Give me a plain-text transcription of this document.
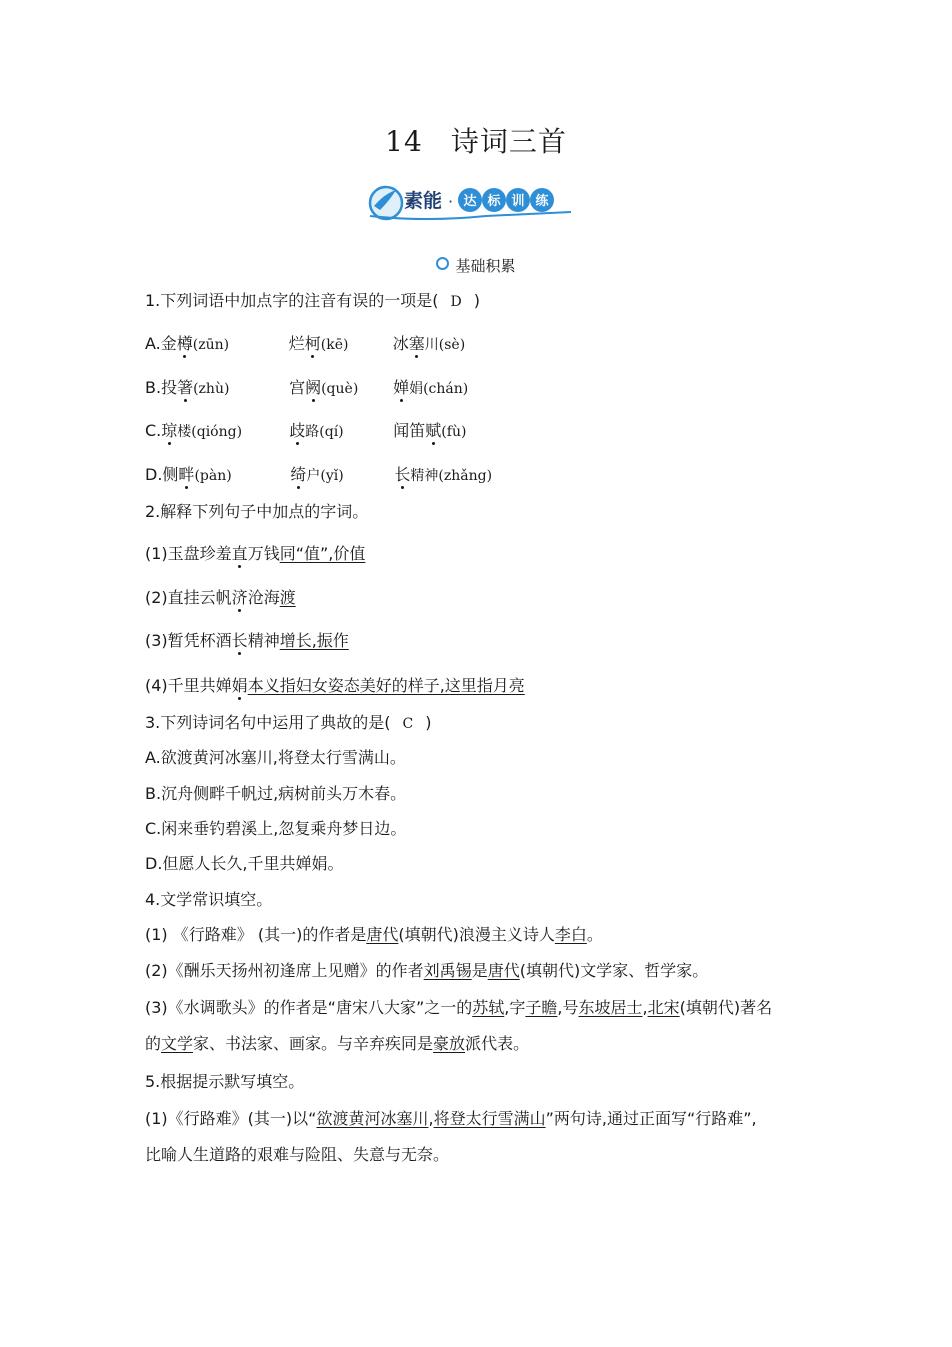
14 诗词三首
素能 · 达 标 训 练
基础积累
1.下列词语中加点字的注音有误的一项是( D )
A.金樽(zūn)	烂柯(kē)	冰塞川(sè)
B.投箸(zhù)	宫阙(què) 婵娟(chán)
C.琼楼(qióng)	歧路(qí)	闻笛赋(fù)
D.侧畔(pàn)	绮户(yǐ)	长精神(zhǎng)
2.解释下列句子中加点的字词。
(1)玉盘珍羞直万钱同“值”,价值
(2)直挂云帆济沧海渡
(3)暂凭杯酒长精神增长,振作
(4)千里共婵娟本义指妇女姿态美好的样子,这里指月亮
3.下列诗词名句中运用了典故的是( C )
A.欲渡黄河冰塞川,将登太行雪满山。
B.沉舟侧畔千帆过,病树前头万木春。
C.闲来垂钓碧溪上,忽复乘舟梦日边。
D.但愿人长久,千里共婵娟。
4.文学常识填空。
(1) 《行路难》 (其一)的作者是唐代(填朝代)浪漫主义诗人李白。
(2)《酬乐天扬州初逢席上见赠》的作者刘禹锡是唐代(填朝代)文学家、哲学家。
(3)《水调歌头》的作者是“唐宋八大家”之一的苏轼,字子瞻,号东坡居士,北宋(填朝代)著名
的文学家、书法家、画家。与辛弃疾同是豪放派代表。
5.根据提示默写填空。
(1)《行路难》(其一)以“欲渡黄河冰塞川,将登太行雪满山”两句诗,通过正面写“行路难”,
比喻人生道路的艰难与险阻、失意与无奈。
